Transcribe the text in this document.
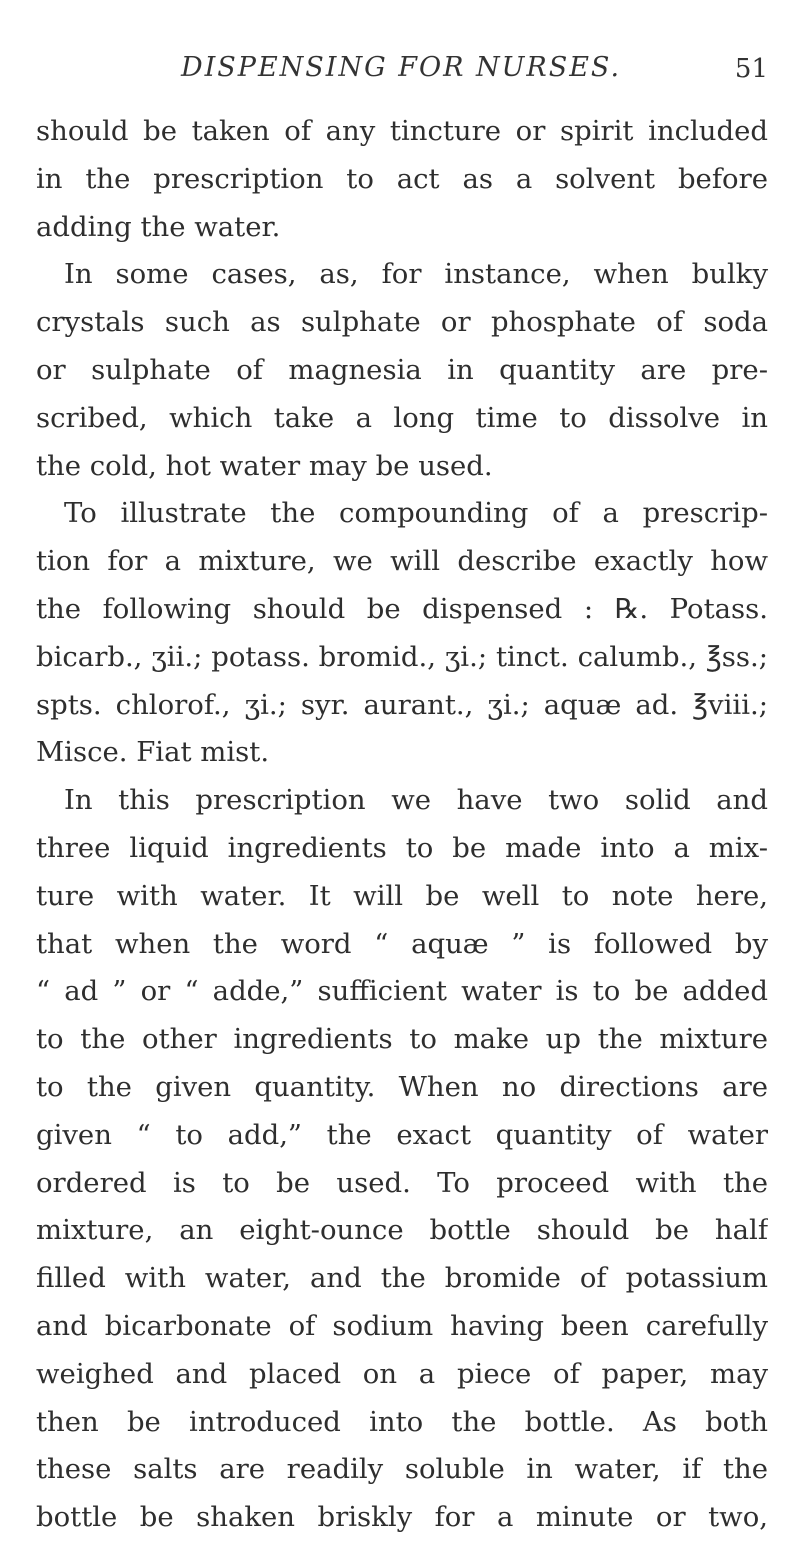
DISPENSING FOR NURSES.	51
should be taken of any tincture or spirit included
in the prescription to act as a solvent before
adding the water.
In some cases, as, for instance, when bulky
crystals such as sulphate or phosphate of soda
or sulphate of magnesia in quantity are pre-
scribed, which take a long time to dissolve in
the cold, hot water may be used.
To illustrate the compounding of a prescrip-
tion for a mixture, we will describe exactly how
the following should be dispensed : ℞. Potass.
bicarb., ʒii.; potass. bromid., ʒi.; tinct. calumb., ℥ss.;
spts. chlorof., ʒi.; syr. aurant., ʒi.; aquæ ad. ℥viii.;
Misce. Fiat mist.
In this prescription we have two solid and
three liquid ingredients to be made into a mix-
ture with water. It will be well to note here,
that when the word “ aquæ ” is followed by
“ ad ” or “ adde,” sufficient water is to be added
to the other ingredients to make up the mixture
to the given quantity. When no directions are
given “ to add,” the exact quantity of water
ordered is to be used. To proceed with the
mixture, an eight-ounce bottle should be half
filled with water, and the bromide of potassium
and bicarbonate of sodium having been carefully
weighed and placed on a piece of paper, may
then be introduced into the bottle. As both
these salts are readily soluble in water, if the
bottle be shaken briskly for a minute or two,
